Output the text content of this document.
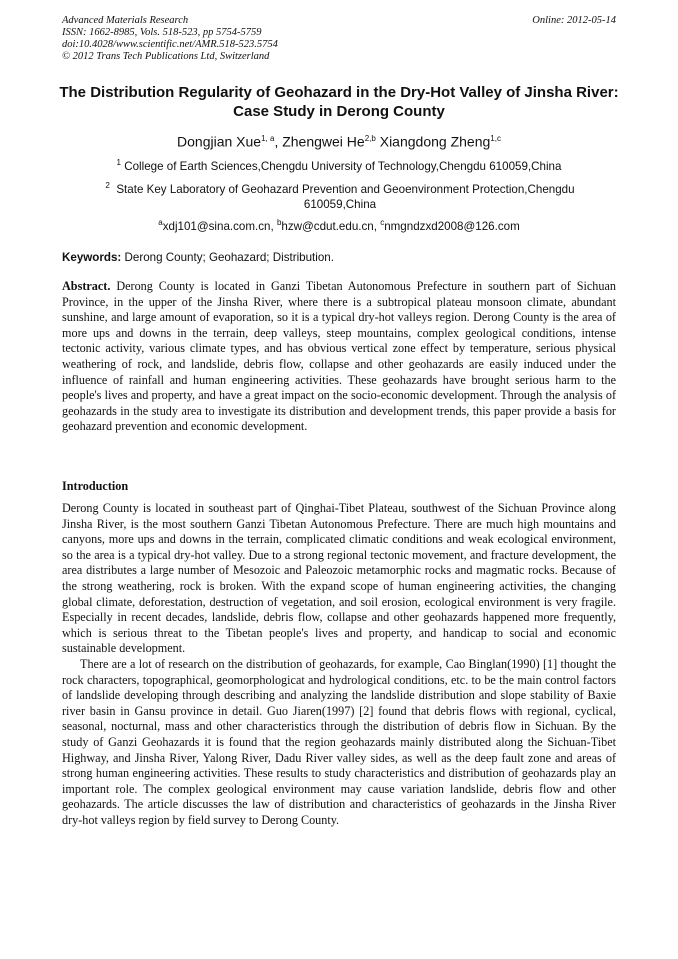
Advanced Materials Research
ISSN: 1662-8985, Vols. 518-523, pp 5754-5759
doi:10.4028/www.scientific.net/AMR.518-523.5754
© 2012 Trans Tech Publications Ltd, Switzerland
Online: 2012-05-14
The Distribution Regularity of Geohazard in the Dry-Hot Valley of Jinsha River: Case Study in Derong County
Dongjian Xue$^{1, a}$, Zhengwei He$^{2,b}$ Xiangdong Zheng$^{1,c}$
$^1$ College of Earth Sciences,Chengdu University of Technology,Chengdu 610059,China
$^2$ State Key Laboratory of Geohazard Prevention and Geoenvironment Protection,Chengdu 610059,China
$^a$xdj101@sina.com.cn, $^b$hzw@cdut.edu.cn, $^c$nmgndzxd2008@126.com
Keywords: Derong County; Geohazard; Distribution.
Abstract. Derong County is located in Ganzi Tibetan Autonomous Prefecture in southern part of Sichuan Province, in the upper of the Jinsha River, where there is a subtropical plateau monsoon climate, abundant sunshine, and large amount of evaporation, so it is a typical dry-hot valleys region. Derong County is the area of more ups and downs in the terrain, deep valleys, steep mountains, complex geological conditions, intense tectonic activity, various climate types, and has obvious vertical zone effect by temperature, serious physical weathering of rock, and landslide, debris flow, collapse and other geohazards are easily induced under the influence of rainfall and human engineering activities. These geohazards have brought serious harm to the people's lives and property, and have a great impact on the socio-economic development. Through the analysis of geohazards in the study area to investigate its distribution and development trends, this paper provide a basis for geohazard prevention and economic development.
Introduction
Derong County is located in southeast part of Qinghai-Tibet Plateau, southwest of the Sichuan Province along Jinsha River, is the most southern Ganzi Tibetan Autonomous Prefecture. There are much high mountains and canyons, more ups and downs in the terrain, complicated climatic conditions and weak ecological environment, so the area is a typical dry-hot valley. Due to a strong regional tectonic movement, and fracture development, the area distributes a large number of Mesozoic and Paleozoic metamorphic rocks and magmatic rocks. Because of the strong weathering, rock is broken. With the expand scope of human engineering activities, the changing global climate, deforestation, destruction of vegetation, and soil erosion, ecological environment is very fragile. Especially in recent decades, landslide, debris flow, collapse and other geohazards happened more frequently, which is serious threat to the Tibetan people's lives and property, and handicap to social and economic sustainable development.
There are a lot of research on the distribution of geohazards, for example, Cao Binglan(1990) [1] thought the rock characters, topographical, geomorphologicat and hydrological conditions, etc. to be the main control factors of landslide developing through describing and analyzing the landslide distribution and slope stability of Baxie river basin in Gansu province in detail. Guo Jiaren(1997) [2] found that debris flows with regional, cyclical, seasonal, nocturnal, mass and other characteristics through the distribution of debris flow in Sichuan. By the study of Ganzi Geohazards it is found that the region geohazards mainly distributed along the Sichuan-Tibet Highway, and Jinsha River, Yalong River, Dadu River valley sides, as well as the deep fault zone and areas of strong human engineering activities. These results to study characteristics and distribution of geohazards play an important role. The complex geological environment may cause variation landslide, debris flow and other geohazards. The article discusses the law of distribution and characteristics of geohazards in the Jinsha River dry-hot valleys region by field survey to Derong County.
